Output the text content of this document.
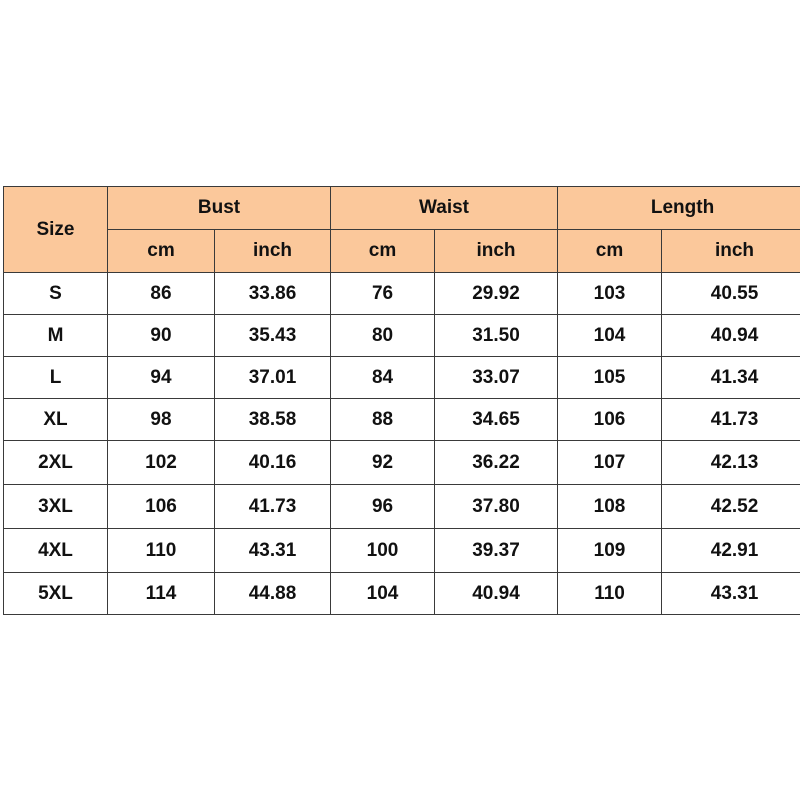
Size	Bust		Waist		Length	
	cm	inch	cm	inch	cm	inch
S	86	33.86	76	29.92	103	40.55
M	90	35.43	80	31.50	104	40.94
L	94	37.01	84	33.07	105	41.34
XL	98	38.58	88	34.65	106	41.73
2XL	102	40.16	92	36.22	107	42.13
3XL	106	41.73	96	37.80	108	42.52
4XL	110	43.31	100	39.37	109	42.91
5XL	114	44.88	104	40.94	110	43.31
